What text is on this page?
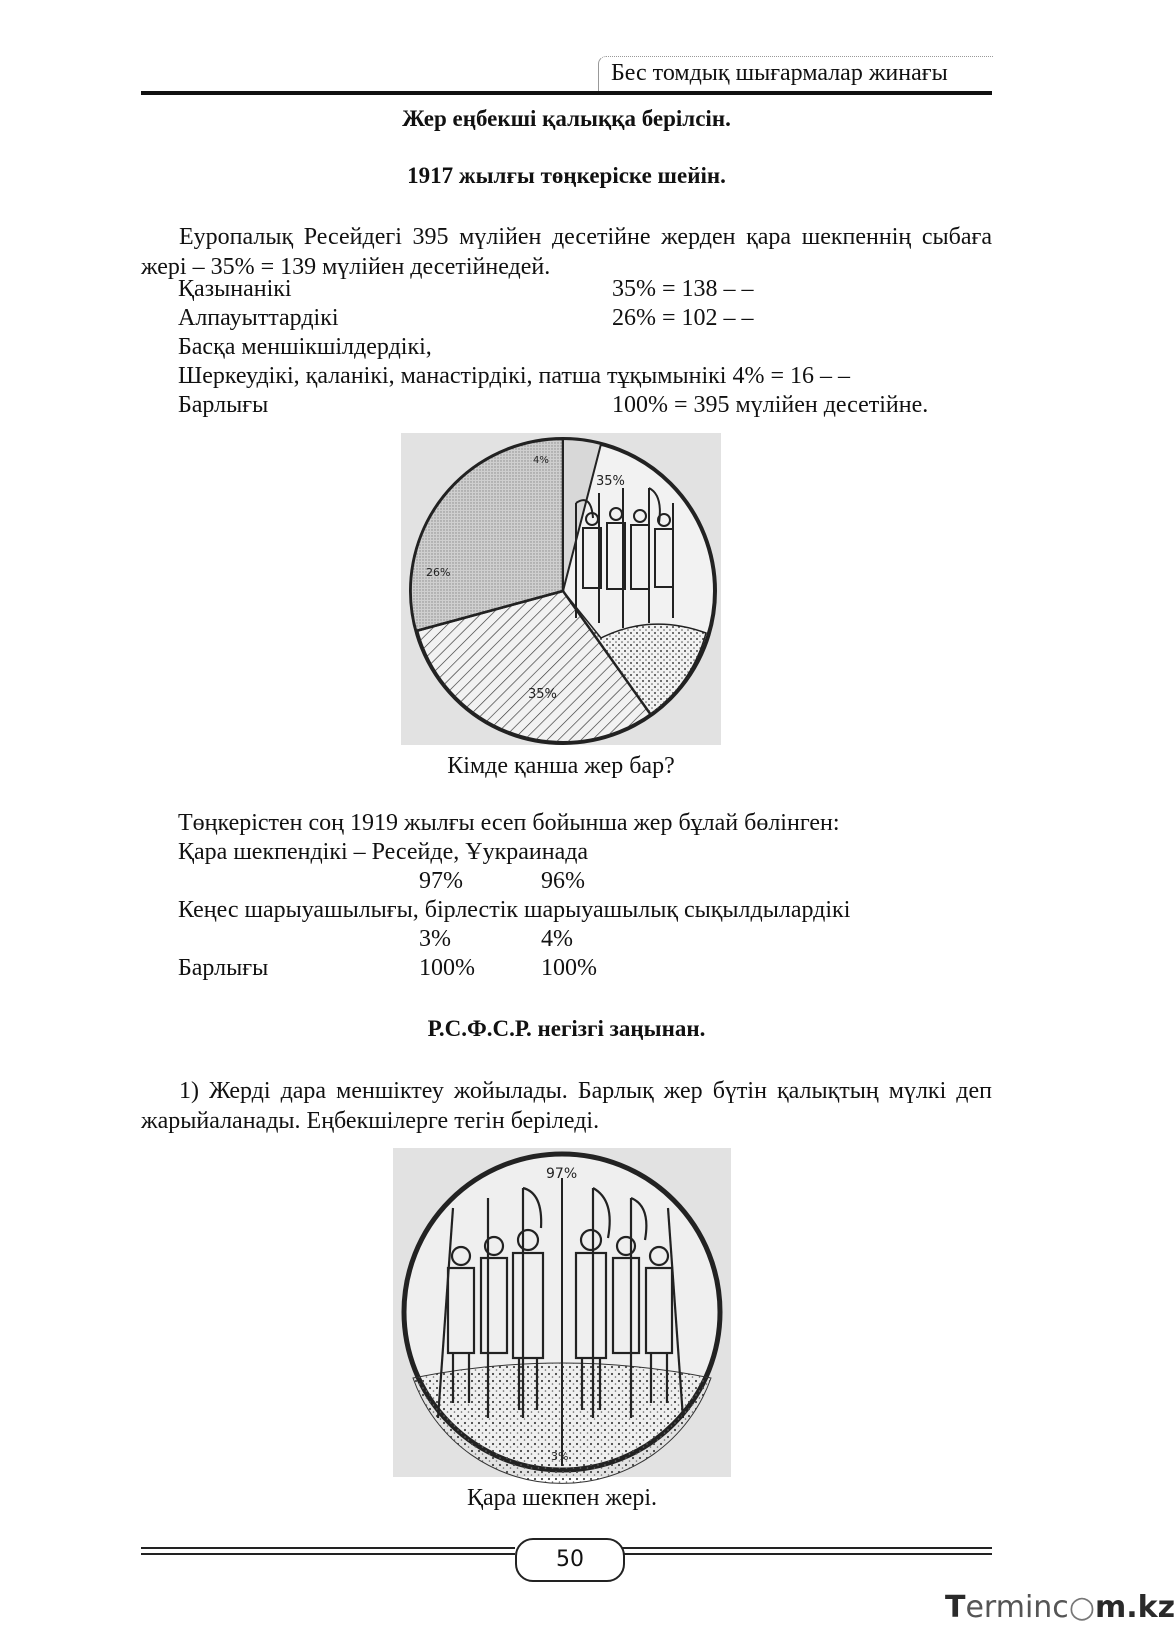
Бес томдық шығармалар жинағы
Жер еңбекші қалыққа берілсін.
1917 жылғы төңкеріске шейін.
Еуропалық Ресейдегі 395 мүлійен десетійне жерден қара шекпеннің сыбаға жері – 35% = 139 мүлійен десетійнедей.
Қазынанікі	35% = 138 – –
Алпауыттардікі	26% = 102 – –
Басқа меншікшілдердікі,
Шеркеудікі, қаланікі, манастірдікі, патша тұқымынікі 4% = 16 – –
Барлығы	100% = 395 мүлійен десетійне.
35%
26%
4%
35%
Кімде қанша жер бар?
Төңкерістен соң 1919 жылғы есеп бойынша жер бұлай бөлінген:
Қара шекпендікі – Ресейде, Ұукраинада
97%	96%
Кеңес шарыуашылығы, бірлестік шарыуашылық сықылдылардікі
3%	4%
Барлығы	100%	100%
Р.С.Ф.С.Р. негізгі заңынан.
1) Жерді дара меншіктеу жойылады. Барлық жер бүтін қалықтың мүлкі деп жарыйаланады. Еңбекшілерге тегін беріледі.
97%
3%
Қара шекпен жері.
50
Terminc○m.kz
